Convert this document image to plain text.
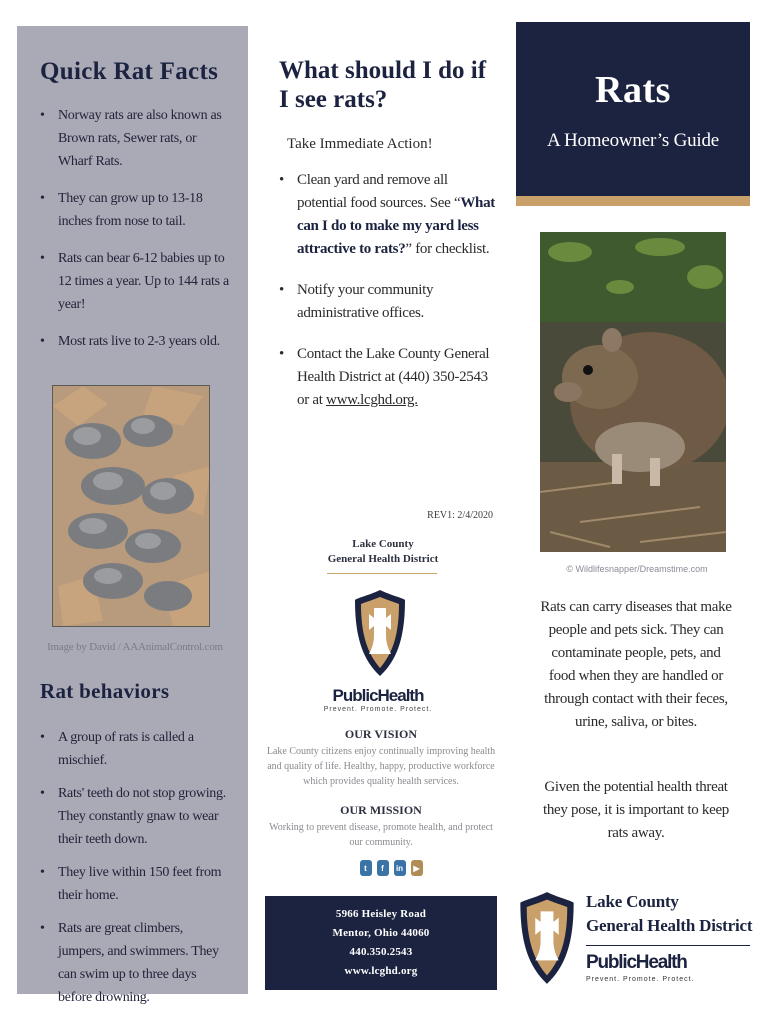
Quick Rat Facts
• Norway rats are also known as Brown rats, Sewer rats, or Wharf Rats.
• They can grow up to 13-18 inches from nose to tail.
• Rats can bear 6-12 babies up to 12 times a year. Up to 144 rats a year!
• Most rats live to 2-3 years old.
Image by David / AAAnimalControl.com
Rat behaviors
• A group of rats is called a mischief.
• Rats' teeth do not stop growing. They constantly gnaw to wear their teeth down.
• They live within 150 feet from their home.
• Rats are great climbers, jumpers, and swimmers. They can swim up to three days before drowning.
What should I do if I see rats?

Take Immediate Action!

• Clean yard and remove all potential food sources. See “What can I do to make my yard less attractive to rats?” for checklist.
• Notify your community administrative offices.
• Contact the Lake County General Health District at (440) 350-2543 or at www.lcghd.org.
REV1: 2/4/2020
Lake County
General Health District
PublicHealth
Prevent. Promote. Protect.
OUR VISION
Lake County citizens enjoy continually improving health and quality of life. Healthy, happy, productive workforce which provides quality health services.
OUR MISSION
Working to prevent disease, promote health, and protect our community.
t	f	in	▶
5966 Heisley Road
Mentor, Ohio 44060
440.350.2543
www.lcghd.org
Rats
A Homeowner’s Guide
© Wildlifesnapper/Dreamstime.com

Rats can carry diseases that make people and pets sick. They can contaminate people, pets, and food when they are handled or through contact with their feces, urine, saliva, or bites.

Given the potential health threat they pose, it is important to keep rats away.

Lake County
General Health District
PublicHealth
Prevent. Promote. Protect.
